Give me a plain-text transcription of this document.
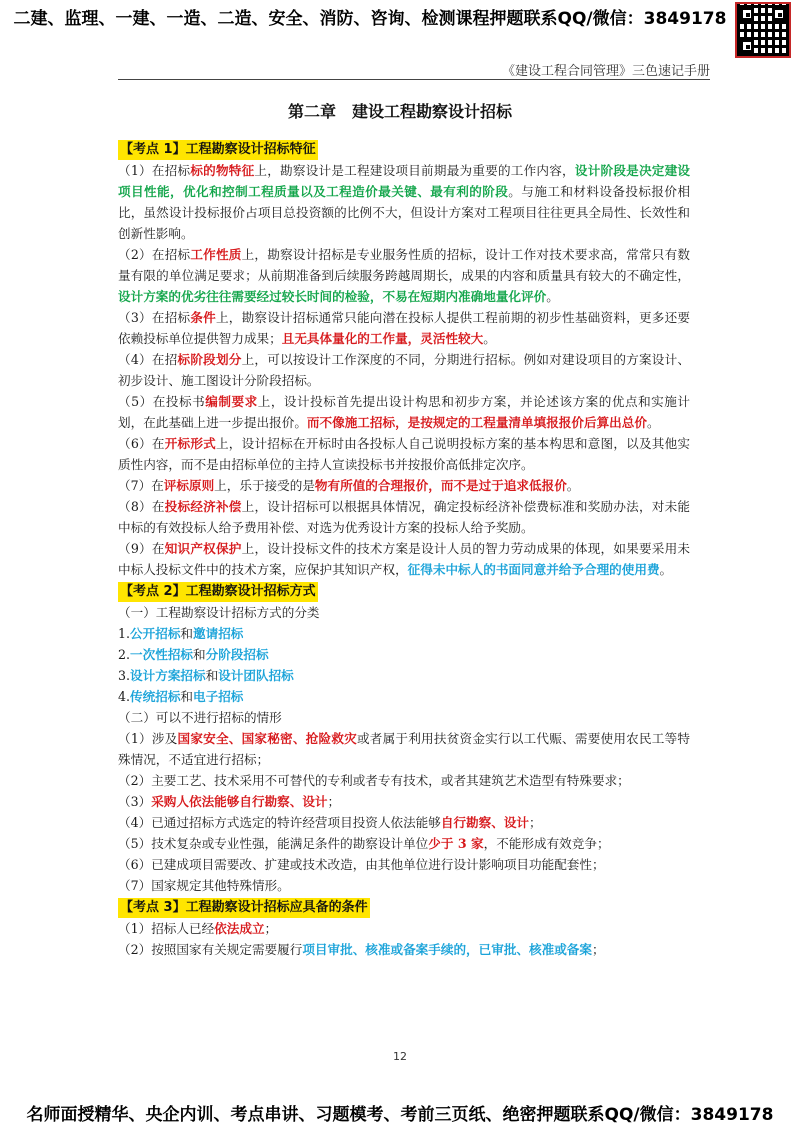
二建、监理、一建、一造、二造、安全、消防、咨询、检测课程押题联系QQ/微信：3849178
《建设工程合同管理》三色速记手册
第二章　建设工程勘察设计招标

【考点 1】工程勘察设计招标特征

（1）在招标标的物特征上，勘察设计是工程建设项目前期最为重要的工作内容，设计阶段是决定建设项目性能，优化和控制工程质量以及工程造价最关键、最有利的阶段。与施工和材料设备投标报价相比，虽然设计投标报价占项目总投资额的比例不大，但设计方案对工程项目往往更具全局性、长效性和创新性影响。

（2）在招标工作性质上，勘察设计招标是专业服务性质的招标，设计工作对技术要求高，常常只有数量有限的单位满足要求；从前期准备到后续服务跨越周期长，成果的内容和质量具有较大的不确定性，设计方案的优劣往往需要经过较长时间的检验，不易在短期内准确地量化评价。

（3）在招标条件上，勘察设计招标通常只能向潜在投标人提供工程前期的初步性基础资料，更多还要依赖投标单位提供智力成果；且无具体量化的工作量，灵活性较大。

（4）在招标阶段划分上，可以按设计工作深度的不同，分期进行招标。例如对建设项目的方案设计、初步设计、施工图设计分阶段招标。

（5）在投标书编制要求上，设计投标首先提出设计构思和初步方案，并论述该方案的优点和实施计划，在此基础上进一步提出报价。而不像施工招标，是按规定的工程量清单填报报价后算出总价。

（6）在开标形式上，设计招标在开标时由各投标人自己说明投标方案的基本构思和意图，以及其他实质性内容，而不是由招标单位的主持人宣读投标书并按报价高低排定次序。

（7）在评标原则上，乐于接受的是物有所值的合理报价，而不是过于追求低报价。

（8）在投标经济补偿上，设计招标可以根据具体情况，确定投标经济补偿费标准和奖励办法，对未能中标的有效投标人给予费用补偿、对选为优秀设计方案的投标人给予奖励。

（9）在知识产权保护上，设计投标文件的技术方案是设计人员的智力劳动成果的体现，如果要采用未中标人投标文件中的技术方案，应保护其知识产权，征得未中标人的书面同意并给予合理的使用费。

【考点 2】工程勘察设计招标方式

（一）工程勘察设计招标方式的分类

1.公开招标和邀请招标

2.一次性招标和分阶段招标

3.设计方案招标和设计团队招标

4.传统招标和电子招标

（二）可以不进行招标的情形

（1）涉及国家安全、国家秘密、抢险救灾或者属于利用扶贫资金实行以工代赈、需要使用农民工等特殊情况，不适宜进行招标；

（2）主要工艺、技术采用不可替代的专利或者专有技术，或者其建筑艺术造型有特殊要求；

（3）采购人依法能够自行勘察、设计；

（4）已通过招标方式选定的特许经营项目投资人依法能够自行勘察、设计；

（5）技术复杂或专业性强，能满足条件的勘察设计单位少于 3 家，不能形成有效竞争；

（6）已建成项目需要改、扩建或技术改造，由其他单位进行设计影响项目功能配套性；

（7）国家规定其他特殊情形。

【考点 3】工程勘察设计招标应具备的条件

（1）招标人已经依法成立；

（2）按照国家有关规定需要履行项目审批、核准或备案手续的，已审批、核准或备案；

12
名师面授精华、央企内训、考点串讲、习题模考、考前三页纸、绝密押题联系QQ/微信：3849178
